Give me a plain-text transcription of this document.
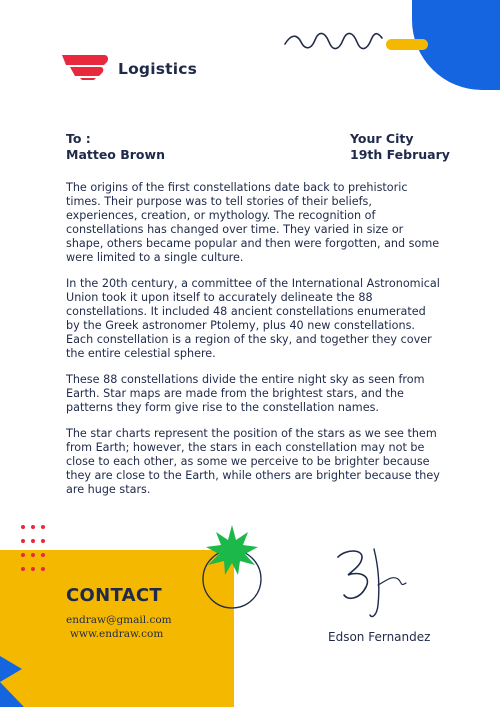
Logistics
To :
Matteo Brown
Your City
19th February

The origins of the first constellations date back to prehistoric times. Their purpose was to tell stories of their beliefs, experiences, creation, or mythology. The recognition of constellations has changed over time. They varied in size or shape, others became popular and then were forgotten, and some were limited to a single culture.

In the 20th century, a committee of the International Astronomical Union took it upon itself to accurately delineate the 88 constellations. It included 48 ancient constellations enumerated by the Greek astronomer Ptolemy, plus 40 new constellations. Each constellation is a region of the sky, and together they cover the entire celestial sphere.

These 88 constellations divide the entire night sky as seen from Earth. Star maps are made from the brightest stars, and the patterns they form give rise to the constellation names.

The star charts represent the position of the stars as we see them from Earth; however, the stars in each constellation may not be close to each other, as some we perceive to be brighter because they are close to the Earth, while others are brighter because they are huge stars.

CONTACT
endraw@gmail.com
www.endraw.com	Edson Fernandez
